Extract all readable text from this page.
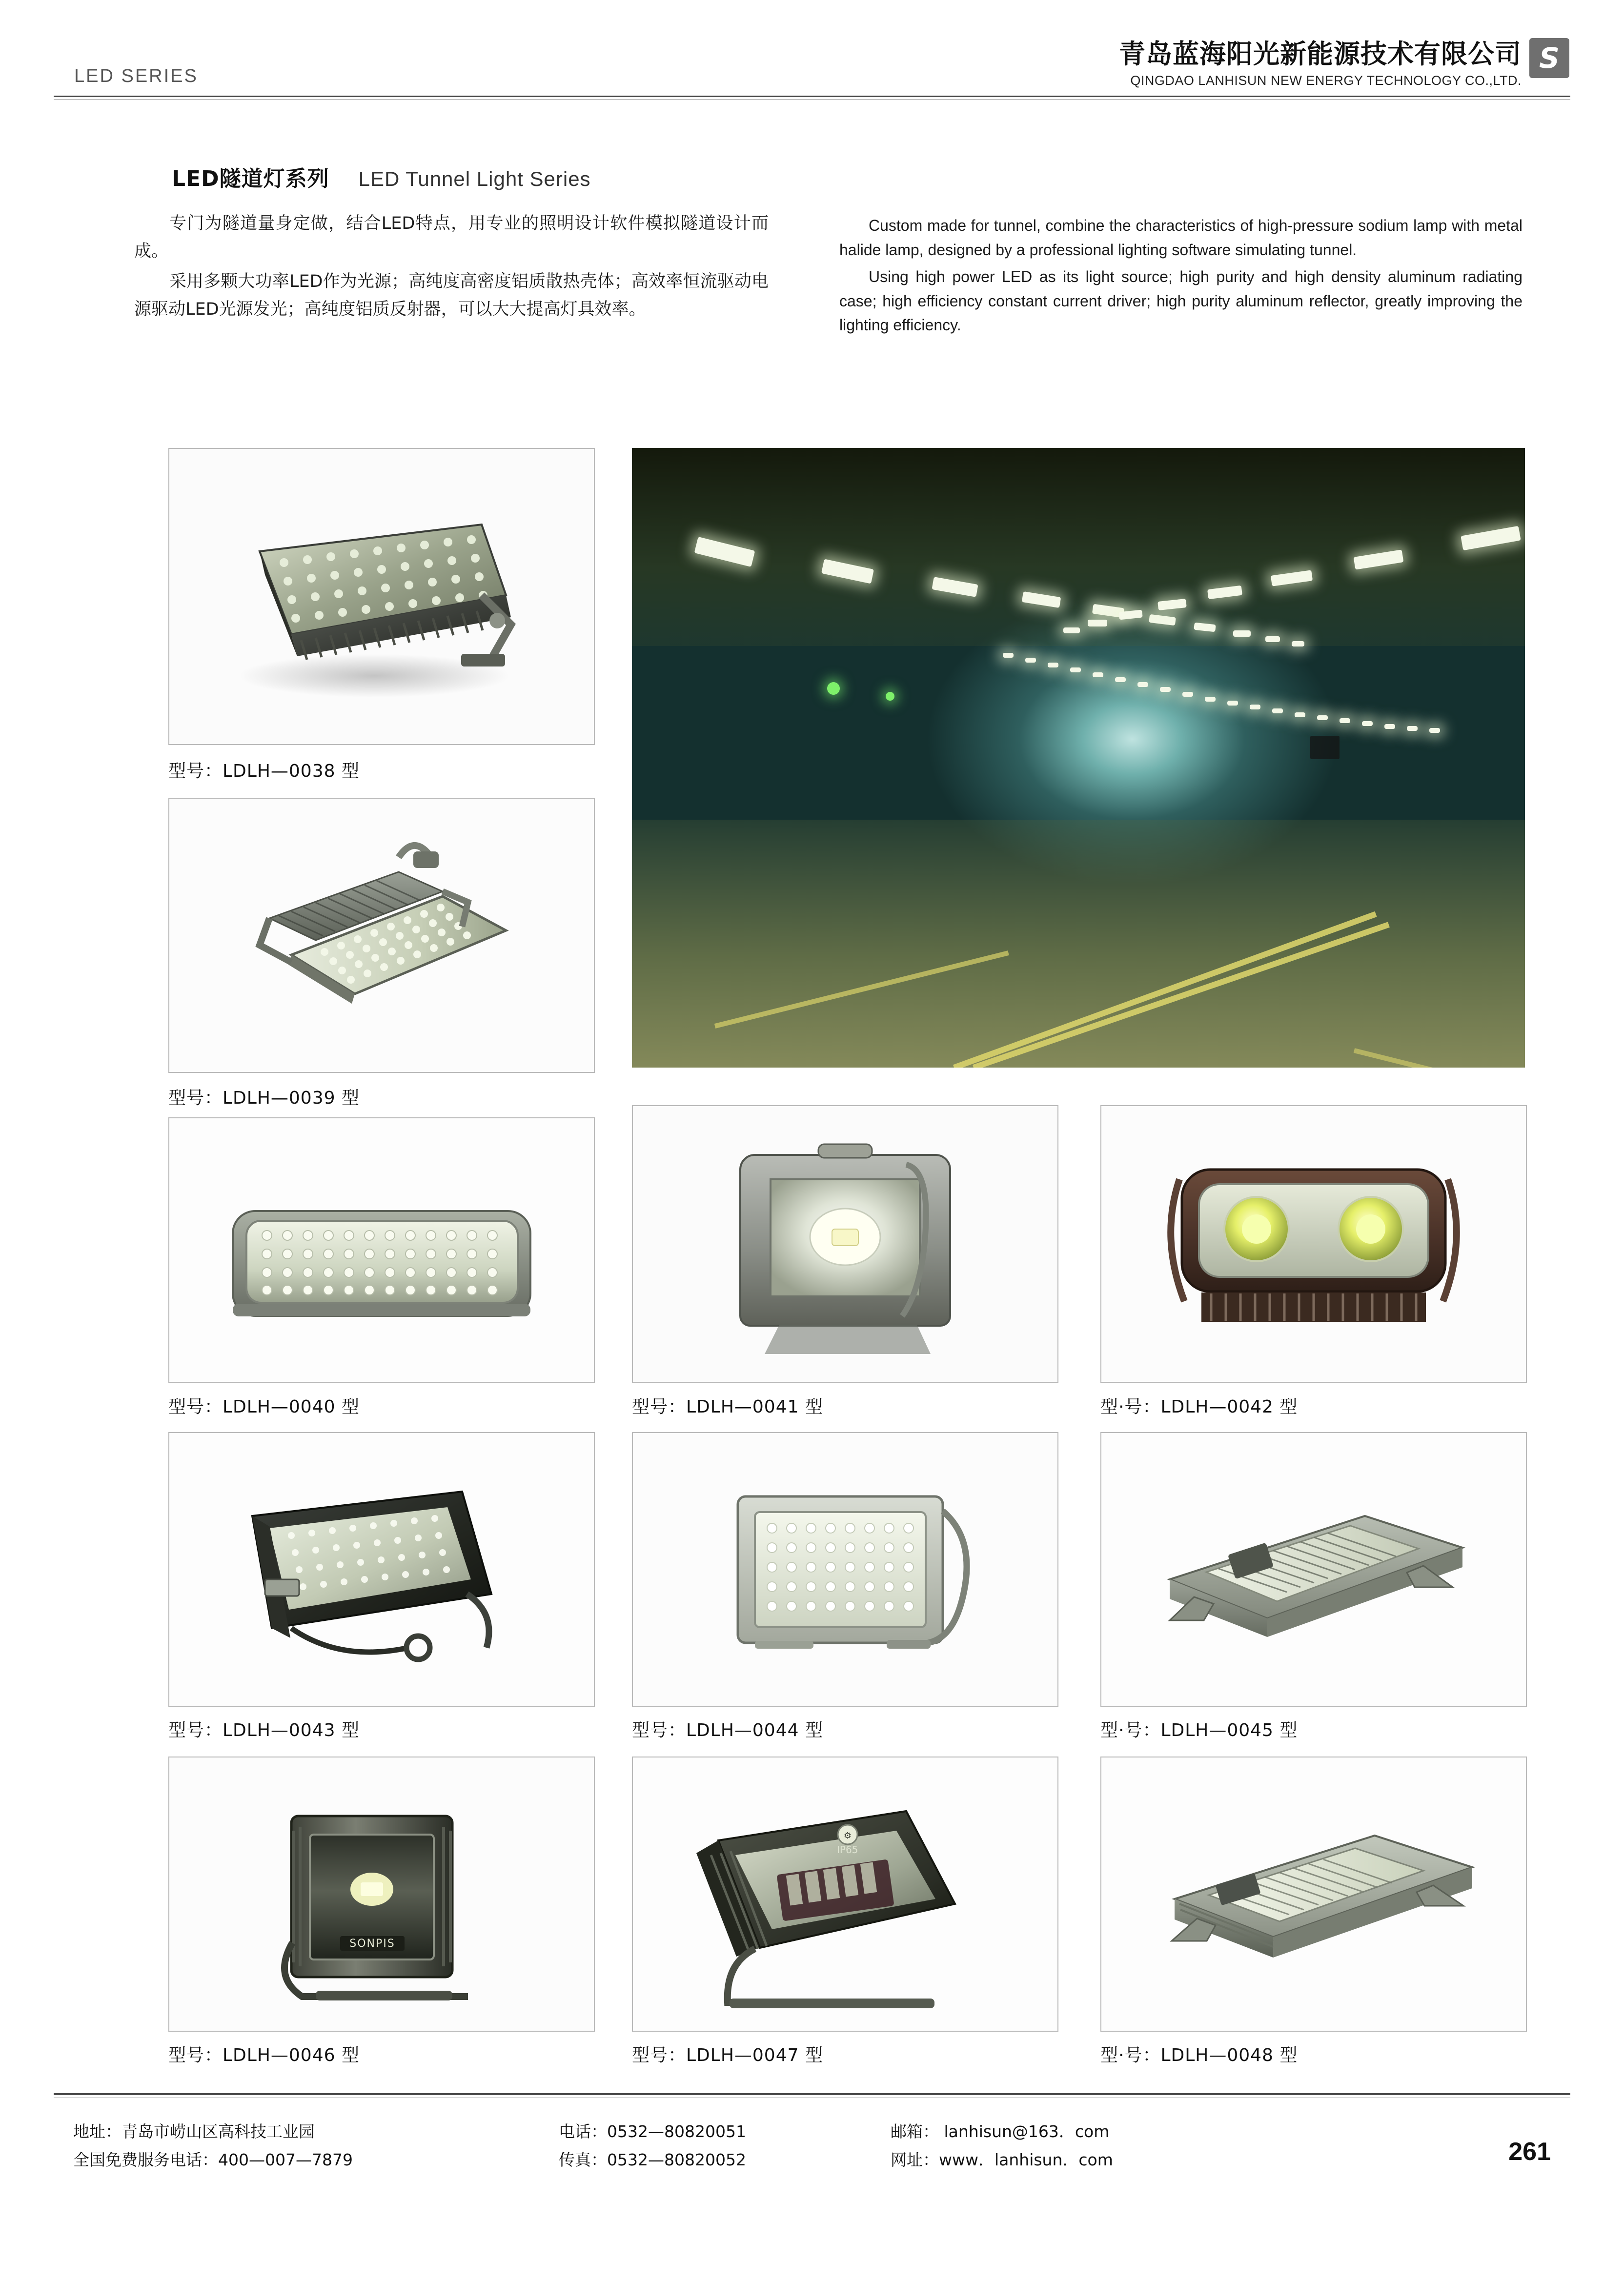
LED SERIES
青岛蓝海阳光新能源技术有限公司
QINGDAO LANHISUN NEW ENERGY TECHNOLOGY CO.,LTD.
S
LED隧道灯系列 LED Tunnel Light Series

专门为隧道量身定做，结合LED特点，用专业的照明设计软件模拟隧道设计而成。

采用多颗大功率LED作为光源；高纯度高密度铝质散热壳体；高效率恒流驱动电源驱动LED光源发光；高纯度铝质反射器，可以大大提高灯具效率。

Custom made for tunnel, combine the characteristics of high-pressure sodium lamp with metal halide lamp, designed by a professional lighting software simulating tunnel.

Using high power LED as its light source; high purity and high density aluminum radiating case; high efficiency constant current driver; high purity aluminum reflector, greatly improving the lighting efficiency.

型号：LDLH—0038 型
型号：LDLH—0039 型
型号：LDLH—0040 型	型号：LDLH—0041 型	型·号：LDLH—0042 型
型号：LDLH—0043 型	型号：LDLH—0044 型	型·号：LDLH—0045 型
SONPIS
型号：LDLH—0046 型
⚙
IP65
型号：LDLH—0047 型	型·号：LDLH—0048 型
地址：青岛市崂山区高科技工业园
全国免费服务电话：400—007—7879
电话：0532—80820051
传真：0532—80820052
邮箱： lanhisun@163．com
网址：www．lanhisun．com	261
